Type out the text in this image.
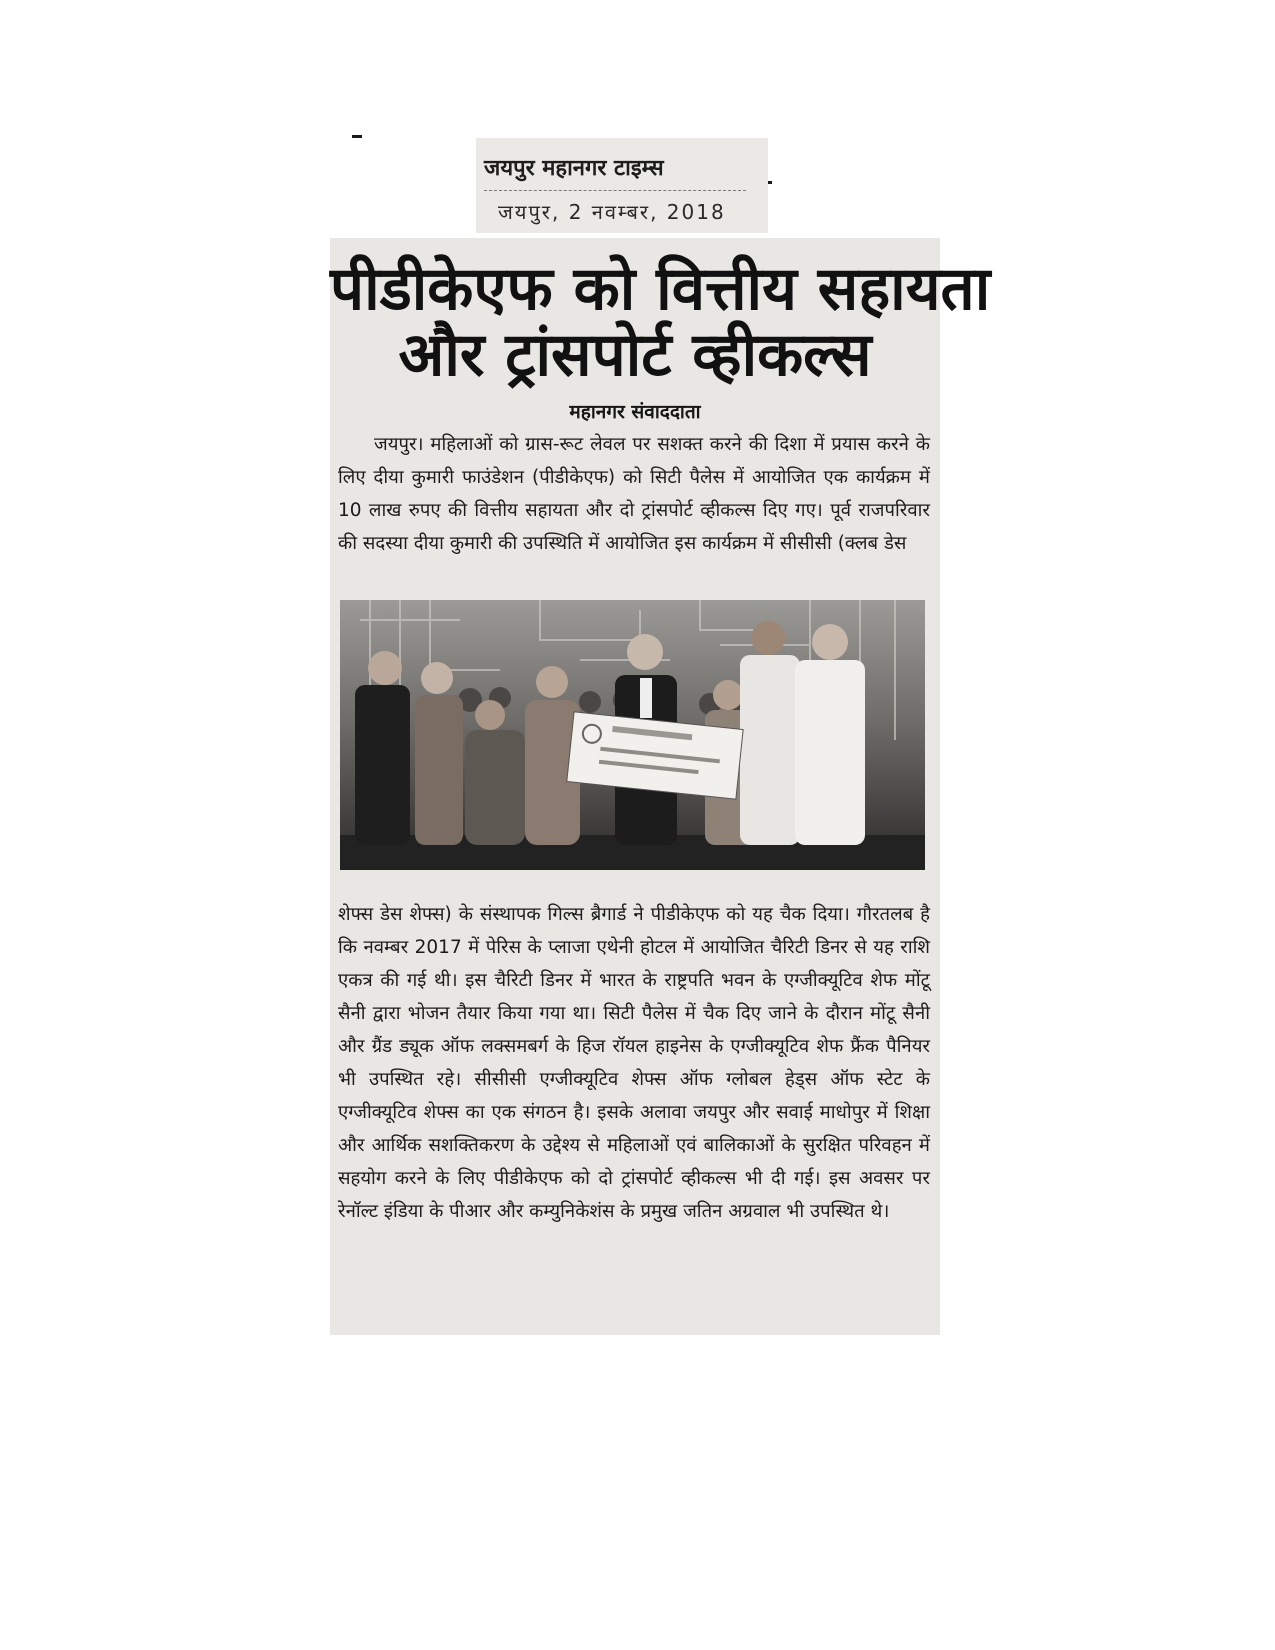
जयपुर महानगर टाइम्स
जयपुर, 2 नवम्बर, 2018
पीडीकेएफ को वित्तीय सहायता
और ट्रांसपोर्ट व्हीकल्स
महानगर संवाददाता

जयपुर। महिलाओं को ग्रास-रूट लेवल पर सशक्त करने की दिशा में प्रयास करने के लिए दीया कुमारी फाउंडेशन (पीडीकेएफ) को सिटी पैलेस में आयोजित एक कार्यक्रम में 10 लाख रुपए की वित्तीय सहायता और दो ट्रांसपोर्ट व्हीकल्स दिए गए। पूर्व राजपरिवार की सदस्या दीया कुमारी की उपस्थिति में आयोजित इस कार्यक्रम में सीसीसी (क्लब डेस

शेफ्स डेस शेफ्स) के संस्थापक गिल्स ब्रैगार्ड ने पीडीकेएफ को यह चैक दिया। गौरतलब है कि नवम्बर 2017 में पेरिस के प्लाजा एथेनी होटल में आयोजित चैरिटी डिनर से यह राशि एकत्र की गई थी। इस चैरिटी डिनर में भारत के राष्ट्रपति भवन के एग्जीक्यूटिव शेफ मोंटू सैनी द्वारा भोजन तैयार किया गया था। सिटी पैलेस में चैक दिए जाने के दौरान मोंटू सैनी और ग्रैंड ड्यूक ऑफ लक्समबर्ग के हिज रॉयल हाइनेस के एग्जीक्यूटिव शेफ फ्रैंक पैनियर भी उपस्थित रहे। सीसीसी एग्जीक्यूटिव शेफ्स ऑफ ग्लोबल हेड्स ऑफ स्टेट के एग्जीक्यूटिव शेफ्स का एक संगठन है। इसके अलावा जयपुर और सवाई माधोपुर में शिक्षा और आर्थिक सशक्तिकरण के उद्देश्य से महिलाओं एवं बालिकाओं के सुरक्षित परिवहन में सहयोग करने के लिए पीडीकेएफ को दो ट्रांसपोर्ट व्हीकल्स भी दी गई। इस अवसर पर रेनॉल्ट इंडिया के पीआर और कम्युनिकेशंस के प्रमुख जतिन अग्रवाल भी उपस्थित थे।
